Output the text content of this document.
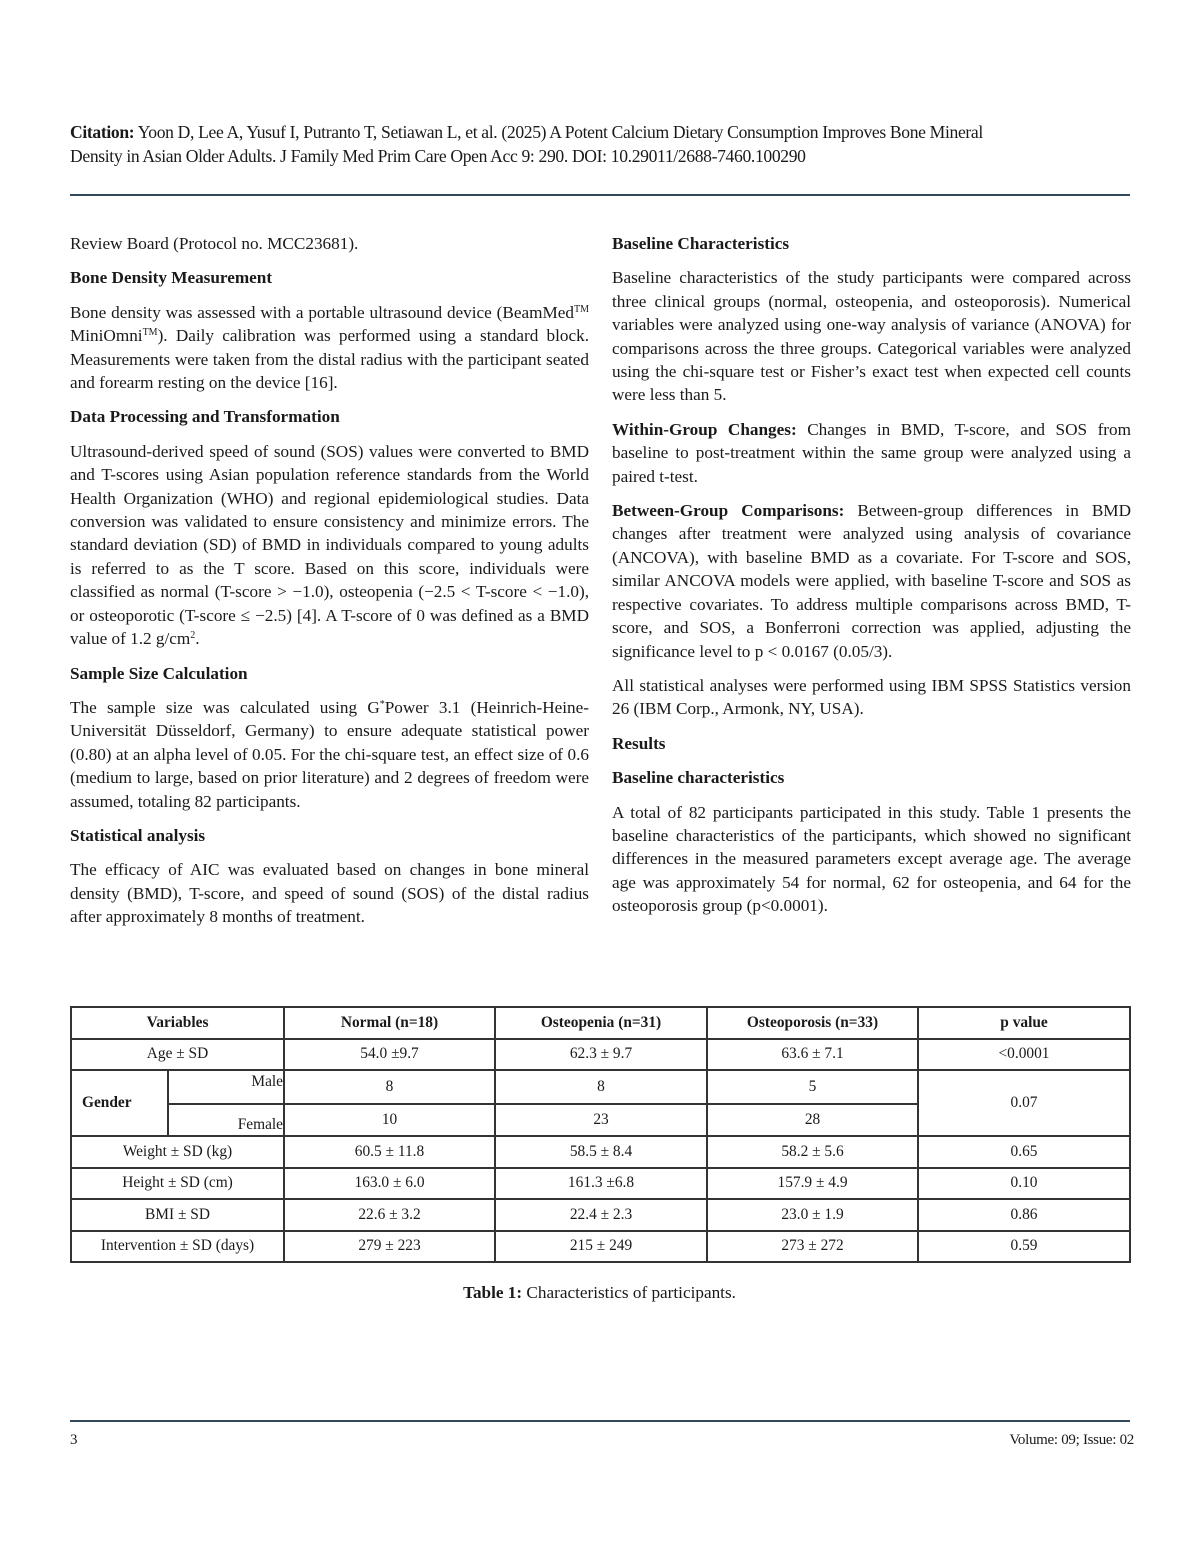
Citation: Yoon D, Lee A, Yusuf I, Putranto T, Setiawan L, et al. (2025) A Potent Calcium Dietary Consumption Improves Bone Mineral
Density in Asian Older Adults. J Family Med Prim Care Open Acc 9: 290. DOI: 10.29011/2688-7460.100290

Review Board (Protocol no. MCC23681).

Bone Density Measurement

Bone density was assessed with a portable ultrasound device (BeamMed™ MiniOmni™). Daily calibration was performed using a standard block. Measurements were taken from the distal radius with the participant seated and forearm resting on the device [16].

Data Processing and Transformation

Ultrasound-derived speed of sound (SOS) values were converted to BMD and T-scores using Asian population reference standards from the World Health Organization (WHO) and regional epidemiological studies. Data conversion was validated to ensure consistency and minimize errors. The standard deviation (SD) of BMD in individuals compared to young adults is referred to as the T score. Based on this score, individuals were classified as normal (T-score > −1.0), osteopenia (−2.5 < T-score < −1.0), or osteoporotic (T-score ≤ −2.5) [4]. A T-score of 0 was defined as a BMD value of 1.2 $g/cm^2$.

Sample Size Calculation

The sample size was calculated using G*Power 3.1 (Heinrich-Heine-Universität Düsseldorf, Germany) to ensure adequate statistical power (0.80) at an alpha level of 0.05. For the chi-square test, an effect size of 0.6 (medium to large, based on prior literature) and 2 degrees of freedom were assumed, totaling 82 participants.

Statistical analysis

The efficacy of AIC was evaluated based on changes in bone mineral density (BMD), T-score, and speed of sound (SOS) of the distal radius after approximately 8 months of treatment.

Baseline Characteristics

Baseline characteristics of the study participants were compared across three clinical groups (normal, osteopenia, and osteoporosis). Numerical variables were analyzed using one-way analysis of variance (ANOVA) for comparisons across the three groups. Categorical variables were analyzed using the chi-square test or Fisher’s exact test when expected cell counts were less than 5.

Within-Group Changes: Changes in BMD, T-score, and SOS from baseline to post-treatment within the same group were analyzed using a paired t-test.

Between-Group Comparisons: Between-group differences in BMD changes after treatment were analyzed using analysis of covariance (ANCOVA), with baseline BMD as a covariate. For T-score and SOS, similar ANCOVA models were applied, with baseline T-score and SOS as respective covariates. To address multiple comparisons across BMD, T-score, and SOS, a Bonferroni correction was applied, adjusting the significance level to p < 0.0167 (0.05/3).

All statistical analyses were performed using IBM SPSS Statistics version 26 (IBM Corp., Armonk, NY, USA).

Results
Baseline characteristics

A total of 82 participants participated in this study. Table 1 presents the baseline characteristics of the participants, which showed no significant differences in the measured parameters except average age. The average age was approximately 54 for normal, 62 for osteopenia, and 64 for the osteoporosis group (p<0.0001).

Variables		Normal (n=18)	Osteopenia (n=31)	Osteoporosis (n=33)	p value
Age ± SD		54.0 ±9.7	62.3 ± 9.7	63.6 ± 7.1	<0.0001
Gender	Male	8	8	5	0.07
	Female	10	23	28	
Weight ± SD (kg)		60.5 ± 11.8	58.5 ± 8.4	58.2 ± 5.6	0.65
Height ± SD (cm)		163.0 ± 6.0	161.3 ±6.8	157.9 ± 4.9	0.10
BMI ± SD		22.6 ± 3.2	22.4 ± 2.3	23.0 ± 1.9	0.86
Intervention ± SD (days)		279 ± 223	215 ± 249	273 ± 272	0.59
Table 1: Characteristics of participants.
3	Volume: 09; Issue: 02
